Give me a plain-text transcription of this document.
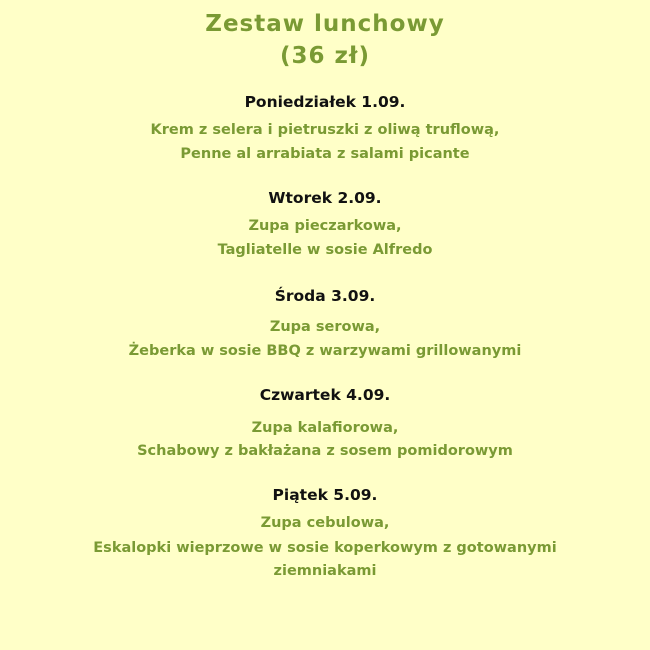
Zestaw lunchowy
(36 zł)
Poniedziałek 1.09.
Krem z selera i pietruszki z oliwą truflową,
Penne al arrabiata z salami picante
Wtorek 2.09.
Zupa pieczarkowa,
Tagliatelle w sosie Alfredo
Środa 3.09.
Zupa serowa,
Żeberka w sosie BBQ z warzywami grillowanymi
Czwartek 4.09.
Zupa kalafiorowa,
Schabowy z bakłażana z sosem pomidorowym
Piątek 5.09.
Zupa cebulowa,
Eskalopki wieprzowe w sosie koperkowym z gotowanymi
ziemniakami
